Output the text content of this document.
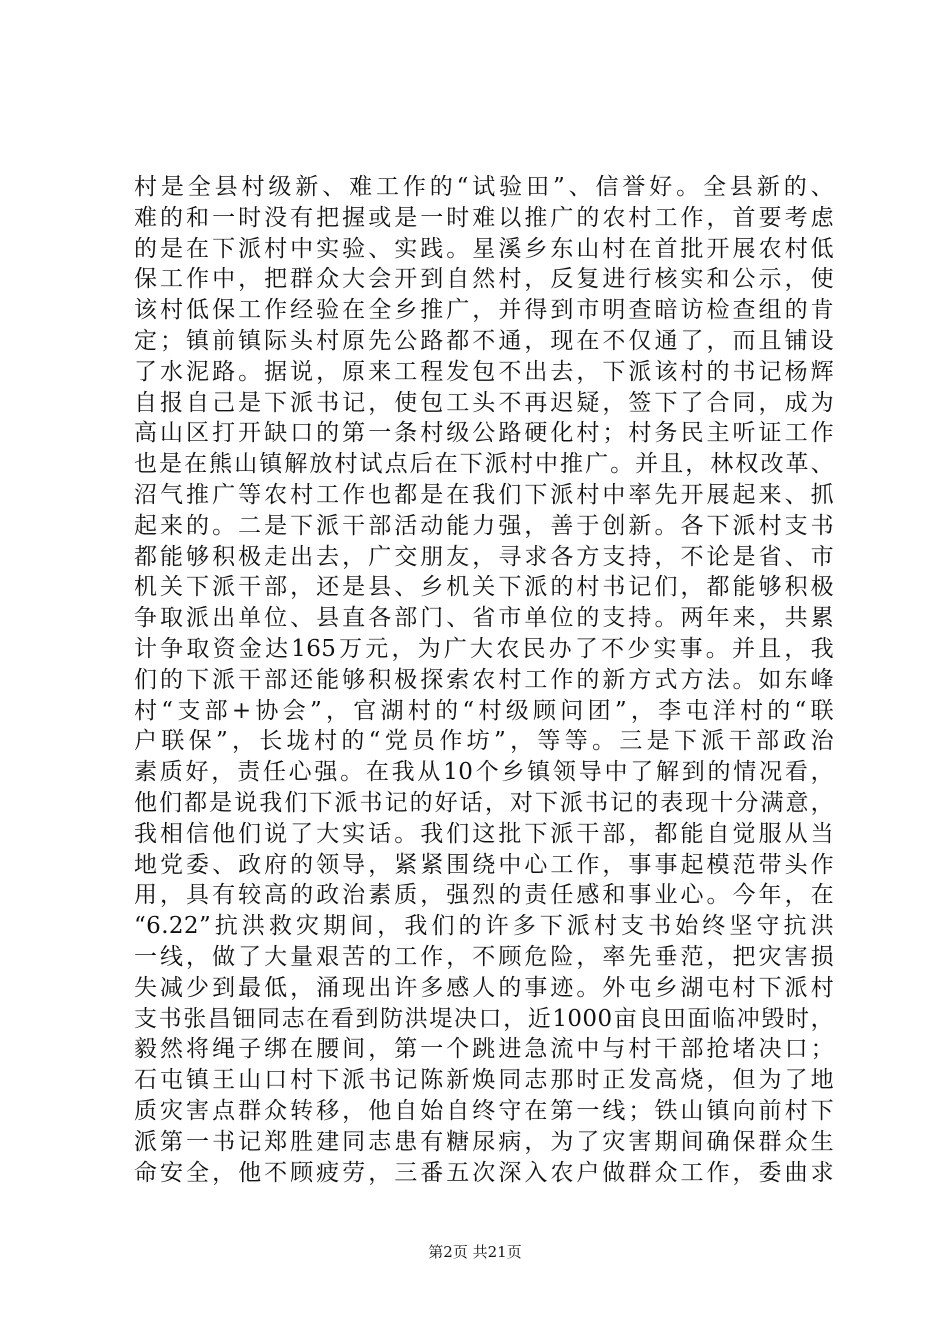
村是全县村级新、难工作的“试验田”、信誉好。全县新的、
难的和一时没有把握或是一时难以推广的农村工作，首要考虑
的是在下派村中实验、实践。星溪乡东山村在首批开展农村低
保工作中，把群众大会开到自然村，反复进行核实和公示，使
该村低保工作经验在全乡推广，并得到市明查暗访检查组的肯
定；镇前镇际头村原先公路都不通，现在不仅通了，而且铺设
了水泥路。据说，原来工程发包不出去，下派该村的书记杨辉
自报自己是下派书记，使包工头不再迟疑，签下了合同，成为
高山区打开缺口的第一条村级公路硬化村；村务民主听证工作
也是在熊山镇解放村试点后在下派村中推广。并且，林权改革、
沼气推广等农村工作也都是在我们下派村中率先开展起来、抓
起来的。二是下派干部活动能力强，善于创新。各下派村支书
都能够积极走出去，广交朋友，寻求各方支持，不论是省、市
机关下派干部，还是县、乡机关下派的村书记们，都能够积极
争取派出单位、县直各部门、省市单位的支持。两年来，共累
计争取资金达165万元，为广大农民办了不少实事。并且，我
们的下派干部还能够积极探索农村工作的新方式方法。如东峰
村“支部+协会”，官湖村的“村级顾问团”，李屯洋村的“联
户联保”，长垅村的“党员作坊”，等等。三是下派干部政治
素质好，责任心强。在我从10个乡镇领导中了解到的情况看，
他们都是说我们下派书记的好话，对下派书记的表现十分满意，
我相信他们说了大实话。我们这批下派干部，都能自觉服从当
地党委、政府的领导，紧紧围绕中心工作，事事起模范带头作
用，具有较高的政治素质，强烈的责任感和事业心。今年，在
“6.22”抗洪救灾期间，我们的许多下派村支书始终坚守抗洪
一线，做了大量艰苦的工作，不顾危险，率先垂范，把灾害损
失减少到最低，涌现出许多感人的事迹。外屯乡湖屯村下派村
支书张昌钿同志在看到防洪堤决口，近1000亩良田面临冲毁时，
毅然将绳子绑在腰间，第一个跳进急流中与村干部抢堵决口；
石屯镇王山口村下派书记陈新焕同志那时正发高烧，但为了地
质灾害点群众转移，他自始自终守在第一线；铁山镇向前村下
派第一书记郑胜建同志患有糖尿病，为了灾害期间确保群众生
命安全，他不顾疲劳，三番五次深入农户做群众工作，委曲求
第2页 共21页
